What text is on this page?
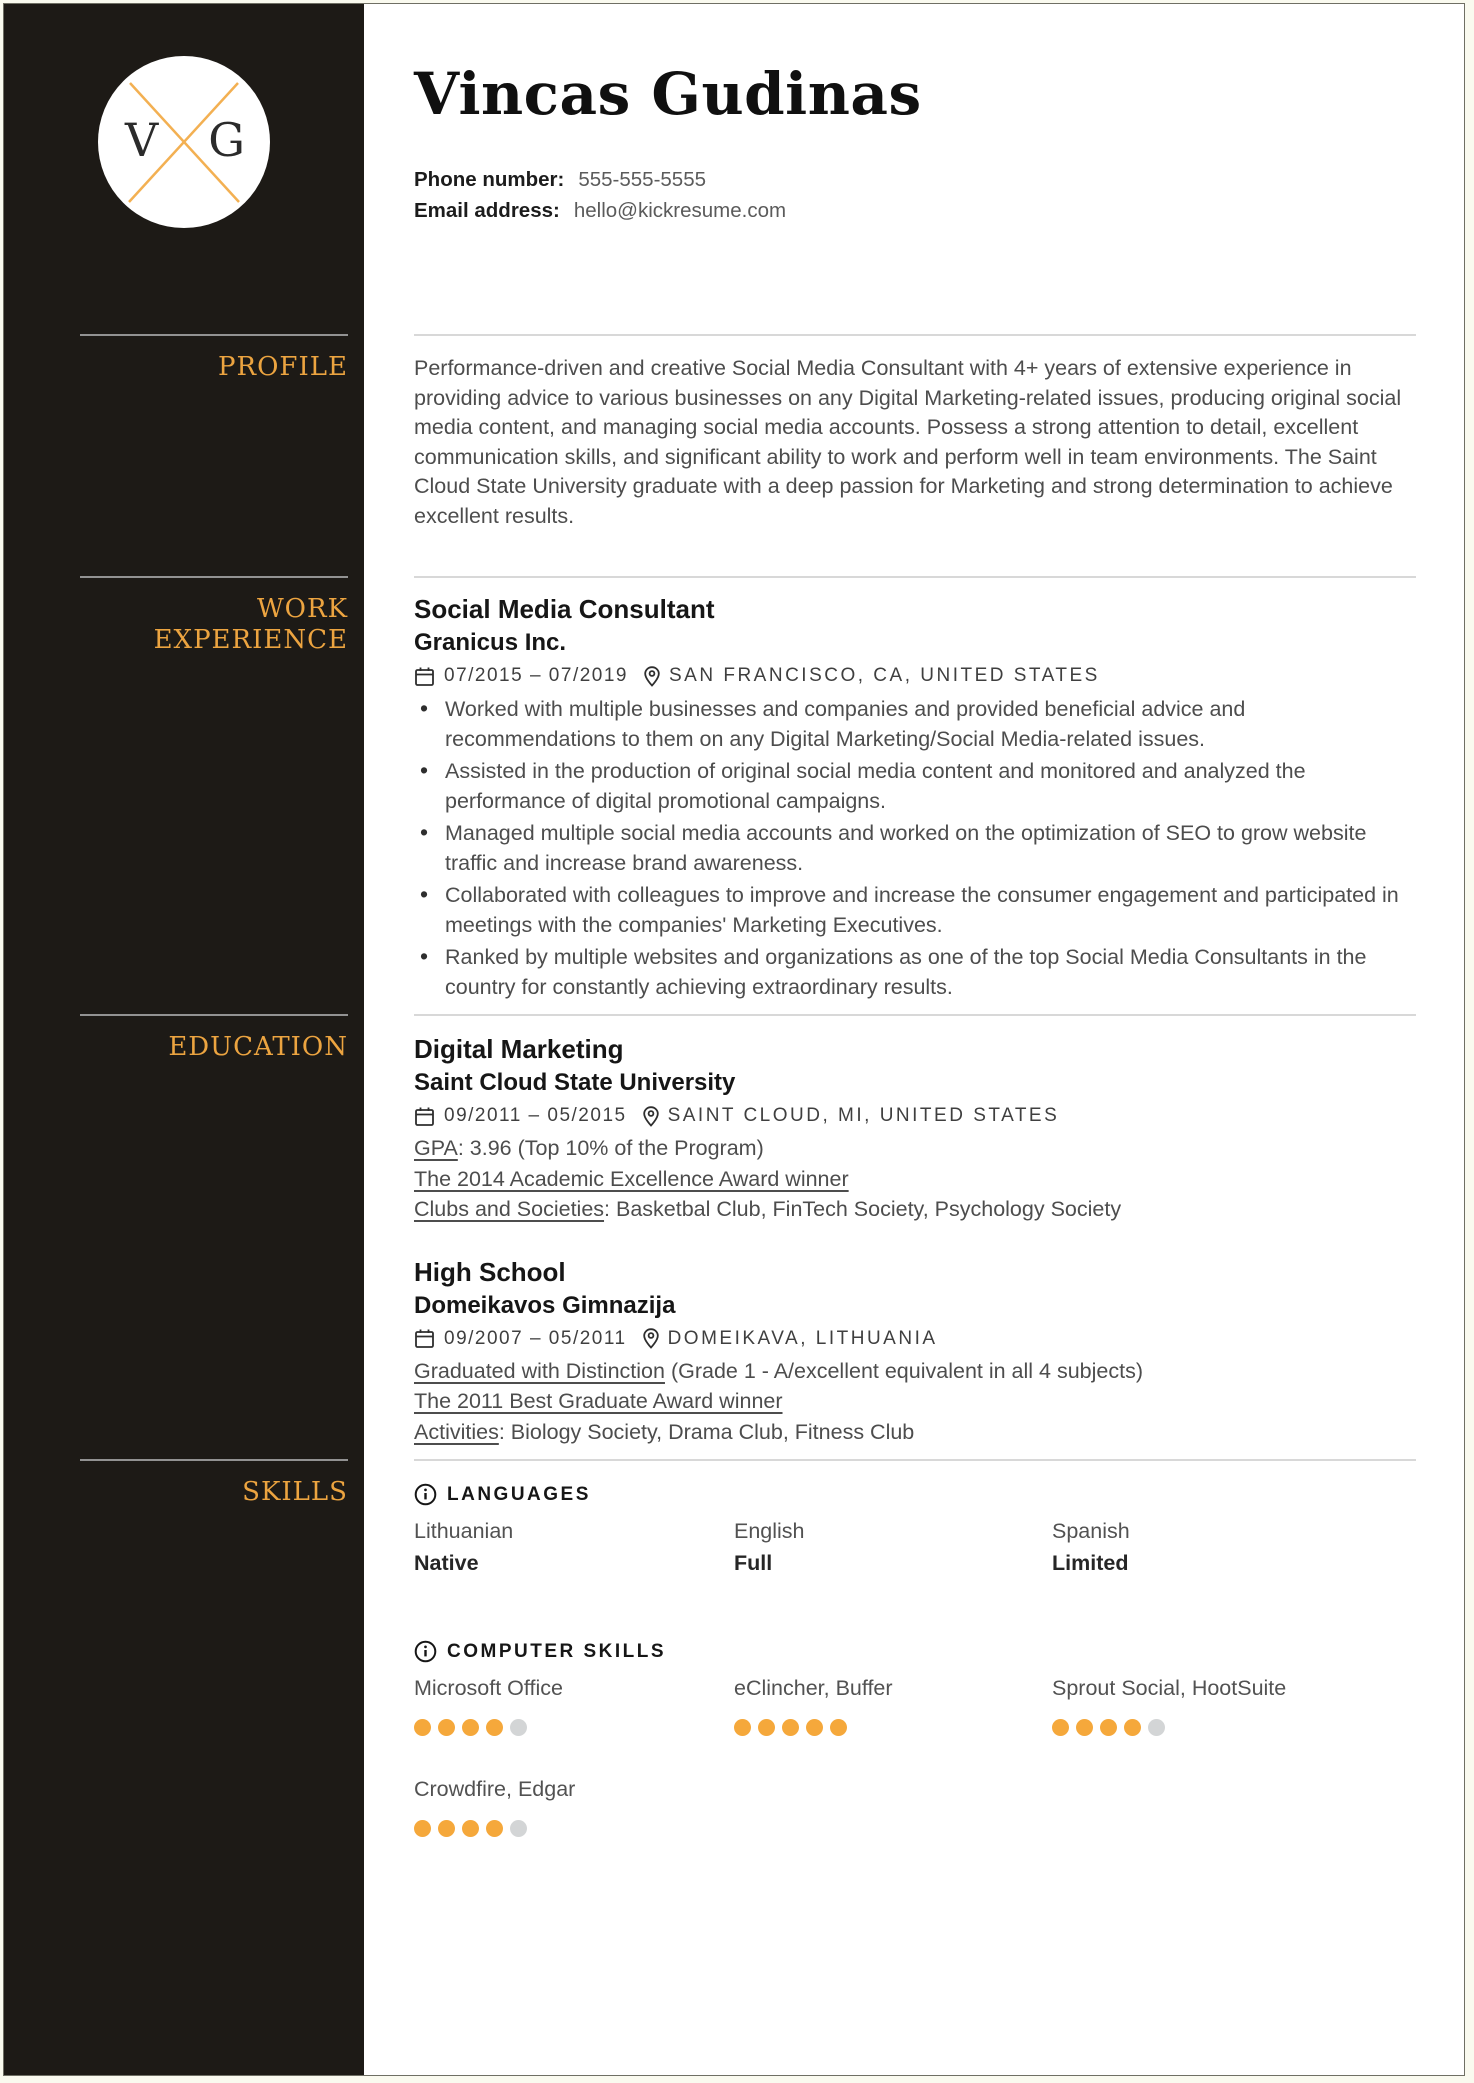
V G
PROFILE
WORK EXPERIENCE
EDUCATION
SKILLS
Vincas Gudinas
Phone number: 555-555-5555
Email address: hello@kickresume.com

Performance-driven and creative Social Media Consultant with 4+ years of extensive experience in providing advice to various businesses on any Digital Marketing-related issues, producing original social media content, and managing social media accounts. Possess a strong attention to detail, excellent communication skills, and significant ability to work and perform well in team environments. The Saint Cloud State University graduate with a deep passion for Marketing and strong determination to achieve excellent results.

Social Media Consultant
Granicus Inc.
07/2015 – 07/2019 SAN FRANCISCO, CA, UNITED STATES
• Worked with multiple businesses and companies and provided beneficial advice and recommendations to them on any Digital Marketing/Social Media-related issues.
• Assisted in the production of original social media content and monitored and analyzed the performance of digital promotional campaigns.
• Managed multiple social media accounts and worked on the optimization of SEO to grow website traffic and increase brand awareness.
• Collaborated with colleagues to improve and increase the consumer engagement and participated in meetings with the companies' Marketing Executives.
• Ranked by multiple websites and organizations as one of the top Social Media Consultants in the country for constantly achieving extraordinary results.
Digital Marketing
Saint Cloud State University
09/2011 – 05/2015 SAINT CLOUD, MI, UNITED STATES
GPA: 3.96 (Top 10% of the Program)
The 2014 Academic Excellence Award winner
Clubs and Societies: Basketbal Club, FinTech Society, Psychology Society
High School
Domeikavos Gimnazija
09/2007 – 05/2011 DOMEIKAVA, LITHUANIA
Graduated with Distinction (Grade 1 - A/excellent equivalent in all 4 subjects)
The 2011 Best Graduate Award winner
Activities: Biology Society, Drama Club, Fitness Club
LANGUAGES
Lithuanian
Native
English
Full
Spanish
Limited
COMPUTER SKILLS
Microsoft Office	eClincher, Buffer	Sprout Social, HootSuite
Crowdfire, Edgar
